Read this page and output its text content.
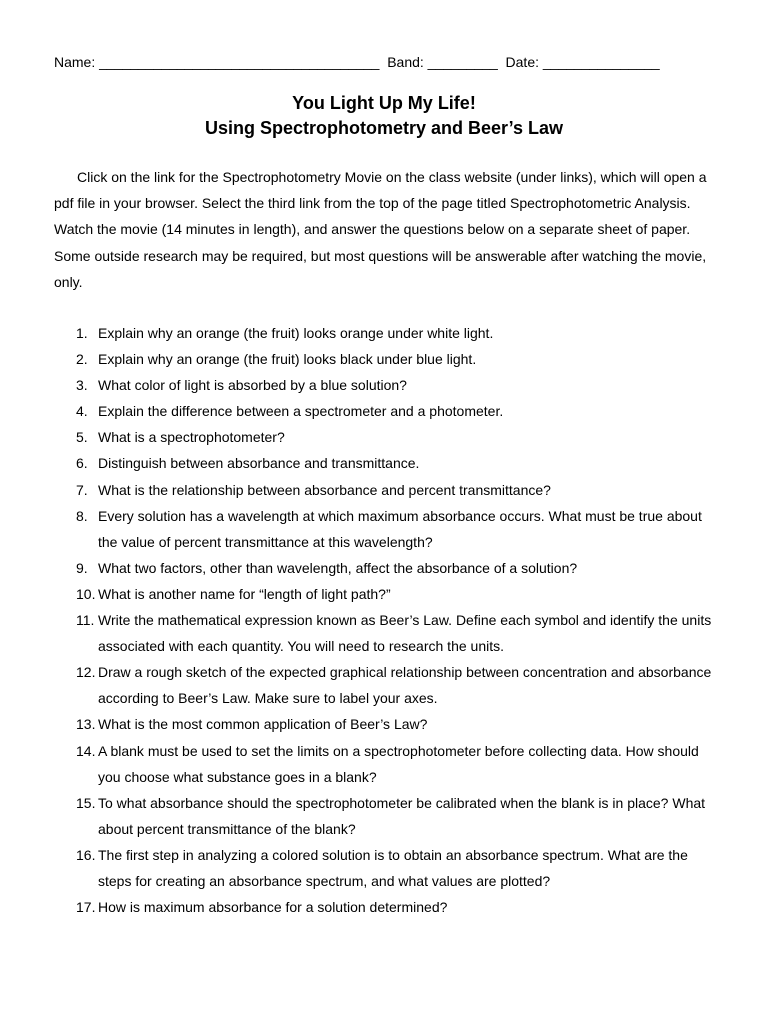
Name: ____________________________________  Band: _________  Date: _______________
You Light Up My Life!
Using Spectrophotometry and Beer’s Law

Click on the link for the Spectrophotometry Movie on the class website (under links), which will open a pdf file in your browser. Select the third link from the top of the page titled Spectrophotometric Analysis. Watch the movie (14 minutes in length), and answer the questions below on a separate sheet of paper. Some outside research may be required, but most questions will be answerable after watching the movie, only.

1. Explain why an orange (the fruit) looks orange under white light.
2. Explain why an orange (the fruit) looks black under blue light.
3. What color of light is absorbed by a blue solution?
4. Explain the difference between a spectrometer and a photometer.
5. What is a spectrophotometer?
6. Distinguish between absorbance and transmittance.
7. What is the relationship between absorbance and percent transmittance?
8. Every solution has a wavelength at which maximum absorbance occurs. What must be true about the value of percent transmittance at this wavelength?
9. What two factors, other than wavelength, affect the absorbance of a solution?
10. What is another name for “length of light path?”
11. Write the mathematical expression known as Beer’s Law. Define each symbol and identify the units associated with each quantity. You will need to research the units.
12. Draw a rough sketch of the expected graphical relationship between concentration and absorbance according to Beer’s Law. Make sure to label your axes.
13. What is the most common application of Beer’s Law?
14. A blank must be used to set the limits on a spectrophotometer before collecting data. How should you choose what substance goes in a blank?
15. To what absorbance should the spectrophotometer be calibrated when the blank is in place? What about percent transmittance of the blank?
16. The first step in analyzing a colored solution is to obtain an absorbance spectrum. What are the steps for creating an absorbance spectrum, and what values are plotted?
17. How is maximum absorbance for a solution determined?
